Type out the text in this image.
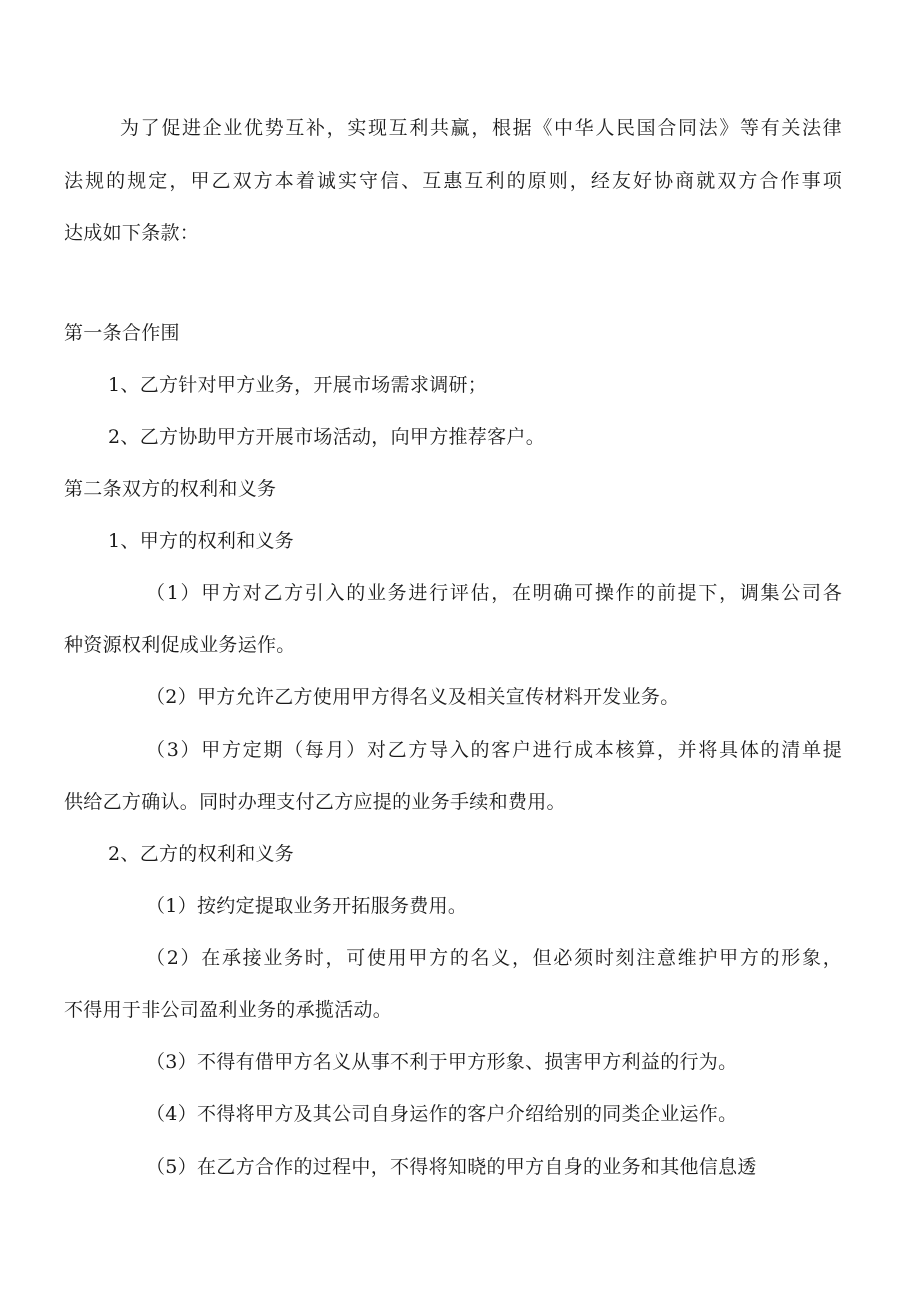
为了促进企业优势互补，实现互利共赢，根据《中华人民国合同法》等有关法律
法规的规定，甲乙双方本着诚实守信、互惠互利的原则，经友好协商就双方合作事项
达成如下条款：
第一条合作围
1、乙方针对甲方业务，开展市场需求调研；
2、乙方协助甲方开展市场活动，向甲方推荐客户。
第二条双方的权利和义务
1、甲方的权利和义务
（1）甲方对乙方引入的业务进行评估，在明确可操作的前提下，调集公司各
种资源权利促成业务运作。
（2）甲方允许乙方使用甲方得名义及相关宣传材料开发业务。
（3）甲方定期（每月）对乙方导入的客户进行成本核算，并将具体的清单提
供给乙方确认。同时办理支付乙方应提的业务手续和费用。
2、乙方的权利和义务
（1）按约定提取业务开拓服务费用。
（2）在承接业务时，可使用甲方的名义，但必须时刻注意维护甲方的形象，
不得用于非公司盈利业务的承揽活动。
（3）不得有借甲方名义从事不利于甲方形象、损害甲方利益的行为。
（4）不得将甲方及其公司自身运作的客户介绍给别的同类企业运作。
（5）在乙方合作的过程中，不得将知晓的甲方自身的业务和其他信息透
